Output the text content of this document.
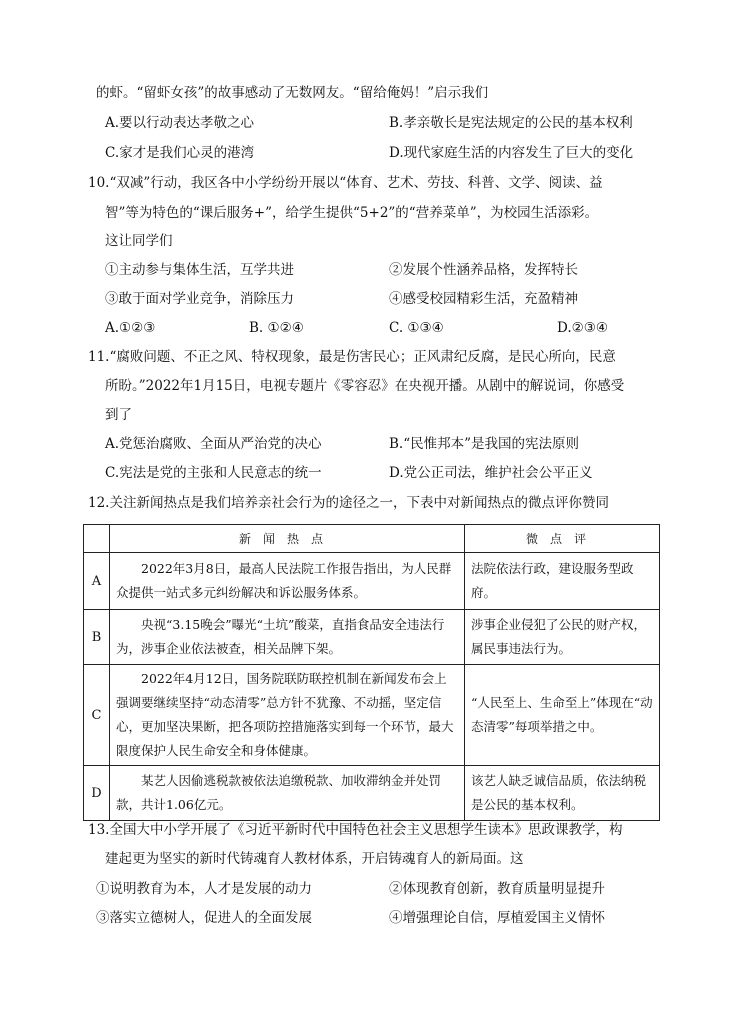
的虾。“留虾女孩”的故事感动了无数网友。“留给俺妈！”启示我们
A.要以行动表达孝敬之心	B.孝亲敬长是宪法规定的公民的基本权利
C.家才是我们心灵的港湾	D.现代家庭生活的内容发生了巨大的变化
10.“双减”行动，我区各中小学纷纷开展以“体育、艺术、劳技、科普、文学、阅读、益
智”等为特色的“课后服务+”，给学生提供“5+2”的“营养菜单”，为校园生活添彩。
这让同学们
①主动参与集体生活，互学共进	②发展个性涵养品格，发挥特长
③敢于面对学业竞争，消除压力	④感受校园精彩生活，充盈精神
A.①②③	B. ①②④	C. ①③④	D.②③④
11.“腐败问题、不正之风、特权现象，最是伤害民心；正风肃纪反腐，是民心所向，民意
所盼。”2022年1月15日，电视专题片《零容忍》在央视开播。从剧中的解说词，你感受
到了
A.党惩治腐败、全面从严治党的决心	B.“民惟邦本”是我国的宪法原则
C.宪法是党的主张和人民意志的统一	D.党公正司法，维护社会公平正义
12.关注新闻热点是我们培养亲社会行为的途径之一，下表中对新闻热点的微点评你赞同
	新闻热点	微点评
A	2022年3月8日，最高人民法院工作报告指出，为人民群众提供一站式多元纠纷解决和诉讼服务体系。	法院依法行政，建设服务型政府。
B	央视“3.15晚会”曝光“土坑”酸菜，直指食品安全违法行为，涉事企业依法被查，相关品牌下架。	涉事企业侵犯了公民的财产权，属民事违法行为。
C	2022年4月12日，国务院联防联控机制在新闻发布会上强调要继续坚持“动态清零”总方针不犹豫、不动摇，坚定信心，更加坚决果断，把各项防控措施落实到每一个环节，最大限度保护人民生命安全和身体健康。	“人民至上、生命至上”体现在“动态清零”每项举措之中。
D	某艺人因偷逃税款被依法追缴税款、加收滞纳金并处罚款，共计1.06亿元。	该艺人缺乏诚信品质，依法纳税是公民的基本权利。
13.全国大中小学开展了《习近平新时代中国特色社会主义思想学生读本》思政课教学，构
建起更为坚实的新时代铸魂育人教材体系，开启铸魂育人的新局面。这
①说明教育为本，人才是发展的动力	②体现教育创新，教育质量明显提升
③落实立德树人，促进人的全面发展	④增强理论自信，厚植爱国主义情怀
